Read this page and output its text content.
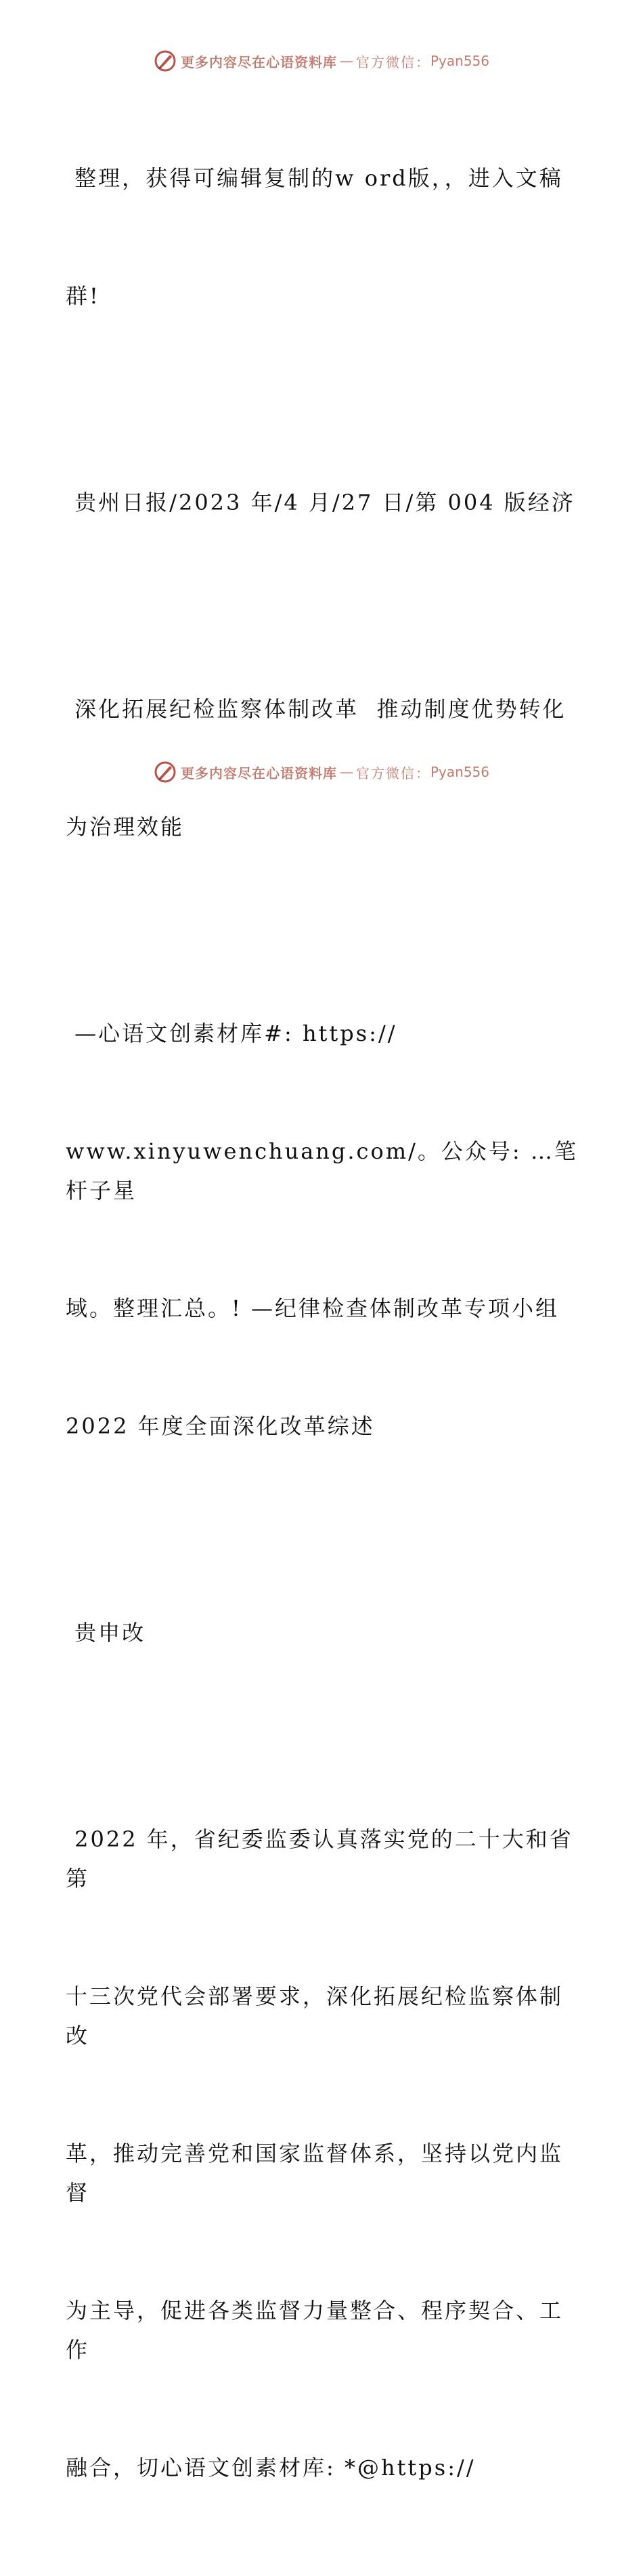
更多内容尽在心语资料库 — 官方微信： Pyan556

整理，获得可编辑复制的w ord版，，进入文稿

群!

贵州日报/2023 年/4 月/27 日/第 004 版经济

深化拓展纪检监察体制改革  推动制度优势转化

为治理效能

—心语文创素材库#: https://

www.xinyuwenchuang.com/。公众号: …笔杆子星

域。整理汇总。! —纪律检查体制改革专项小组

2022 年度全面深化改革综述

贵申改

2022 年，省纪委监委认真落实党的二十大和省第

十三次党代会部署要求，深化拓展纪检监察体制改

革，推动完善党和国家监督体系，坚持以党内监督

为主导，促进各类监督力量整合、程序契合、工作

融合，切心语文创素材库: *@https://

更多内容尽在心语资料库 — 官方微信： Pyan556
